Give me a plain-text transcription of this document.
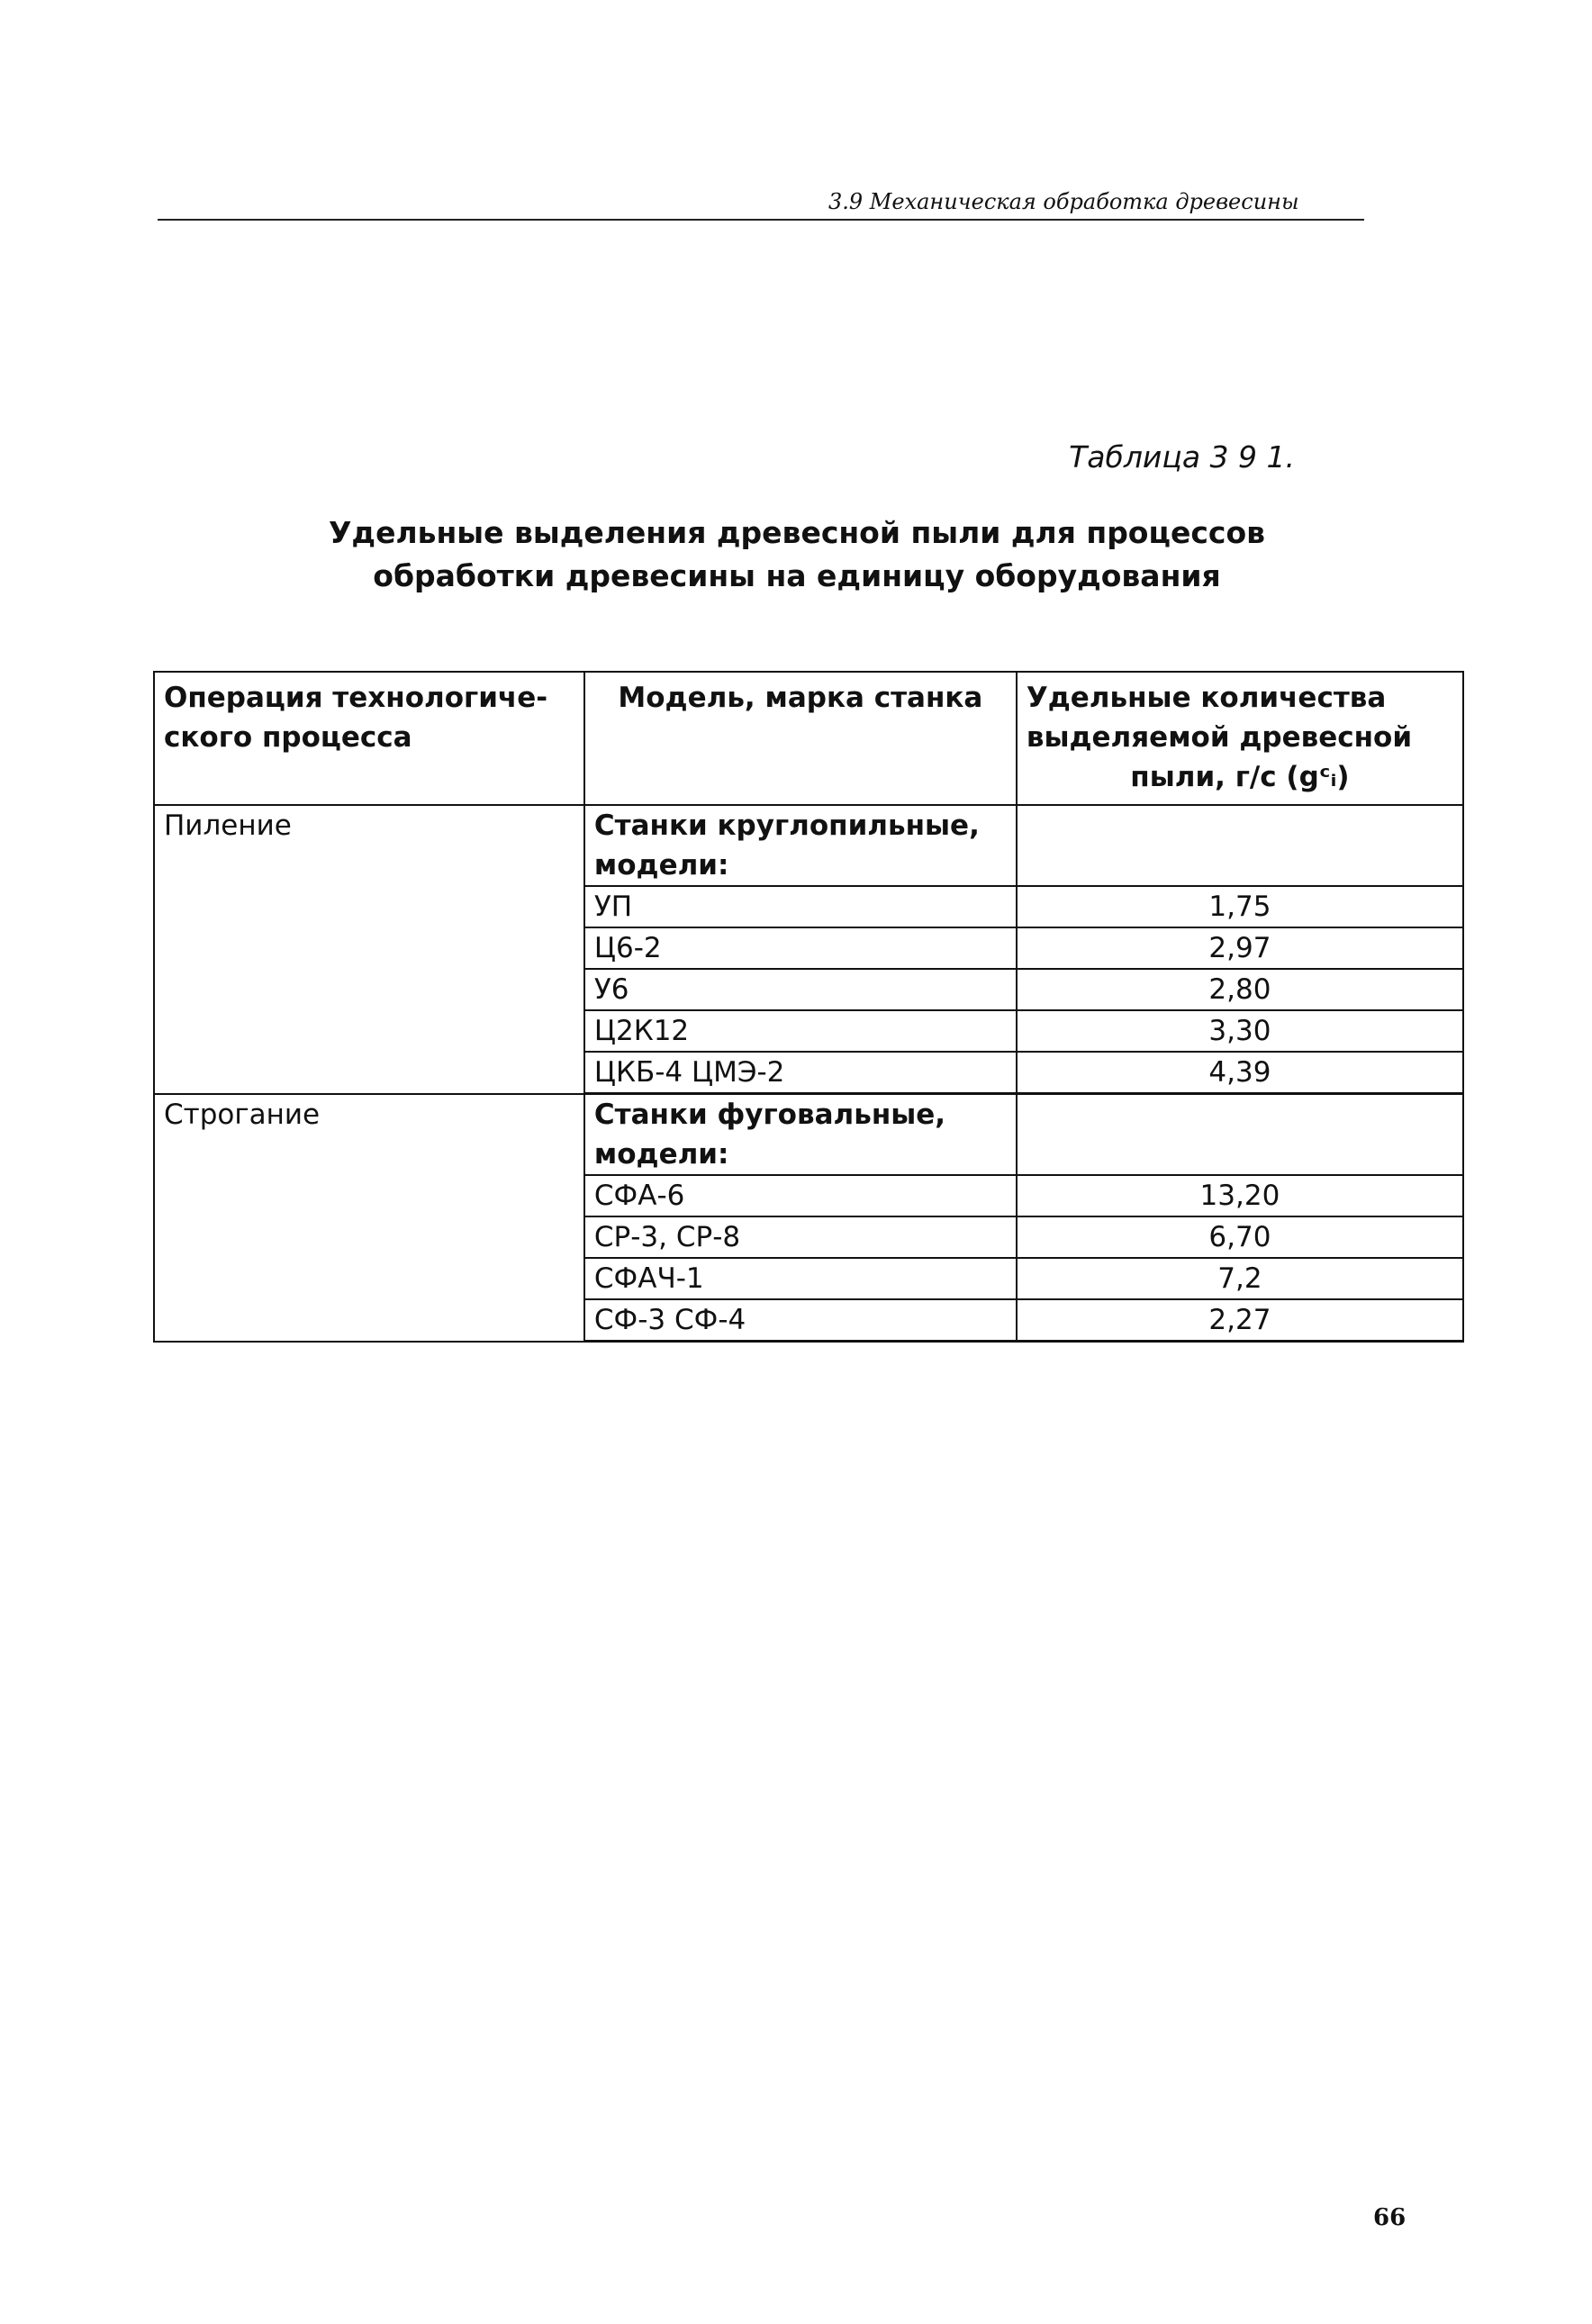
3.9 Механическая обработка древесины
Таблица 3 9 1.
Удельные выделения древесной пыли для процессов
обработки древесины на единицу оборудования
Операция технологиче-ского процесса	Модель, марка станка	Удельные количества выделяемой древесной
пыли, г/с (gᶜᵢ)

Пиление	Станки круглопильные, модели:	
	УП	1,75
	Ц6-2	2,97
	У6	2,80
	Ц2К12	3,30
	ЦКБ-4 ЦМЭ-2	4,39
Строгание	Станки фуговальные, модели:	
	СФА-6	13,20
	СР-3, СР-8	6,70
	СФАЧ-1	7,2
	СФ-3 СФ-4	2,27
66
